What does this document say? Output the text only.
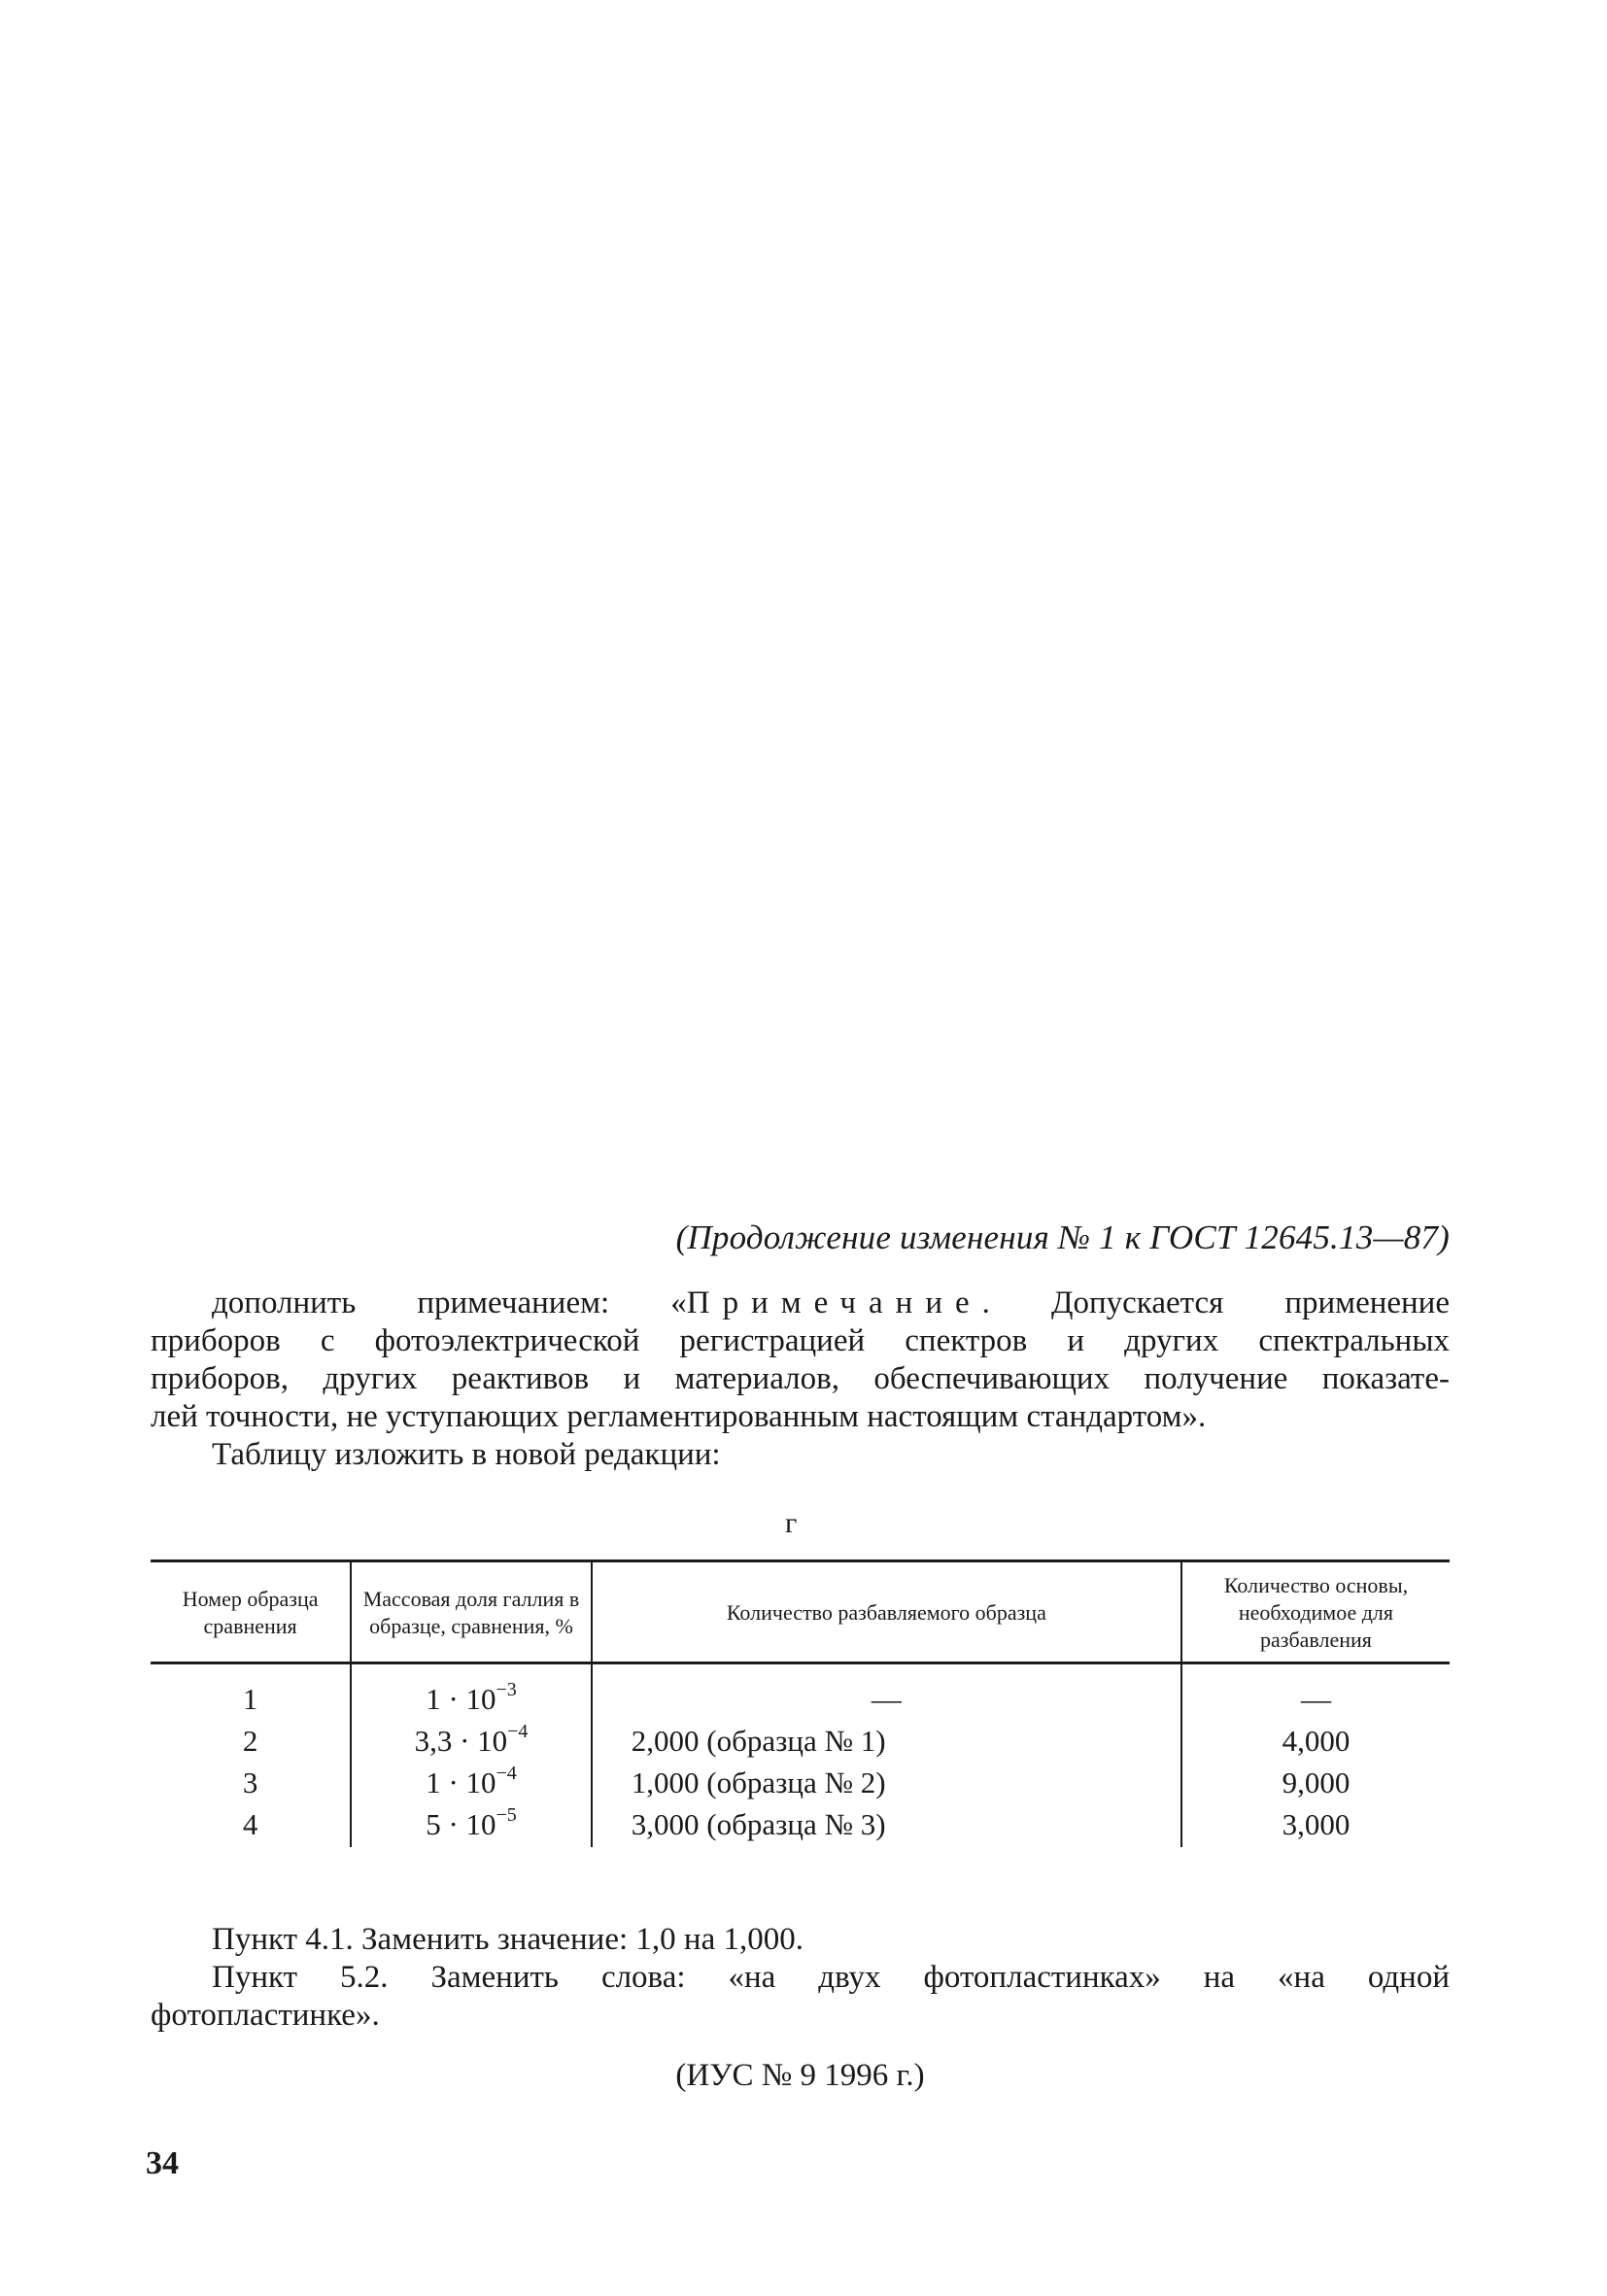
(Продолжение изменения № 1 к ГОСТ 12645.13—87)
дополнить примечанием: «Примечание. Допускается применение
приборов с фотоэлектрической регистрацией спектров и других спектральных
приборов, других реактивов и материалов, обеспечивающих получение показате-
лей точности, не уступающих регламентированным настоящим стандартом».
Таблицу изложить в новой редакции:
г
Номер образца сравнения	Массовая доля галлия в образце, сравнения, %	Количество разбавляемого образца	Количество основы, необходимое для разбавления
1	$1 \cdot 10^{-3}$	—	—
2	$3,3 \cdot 10^{-4}$	2,000 (образца № 1)	4,000
3	$1 \cdot 10^{-4}$	1,000 (образца № 2)	9,000
4	$5 \cdot 10^{-5}$	3,000 (образца № 3)	3,000
Пункт 4.1. Заменить значение: 1,0 на 1,000.
Пункт 5.2. Заменить слова: «на двух фотопластинках» на «на одной
фотопластинке».
(ИУС № 9 1996 г.)
34
